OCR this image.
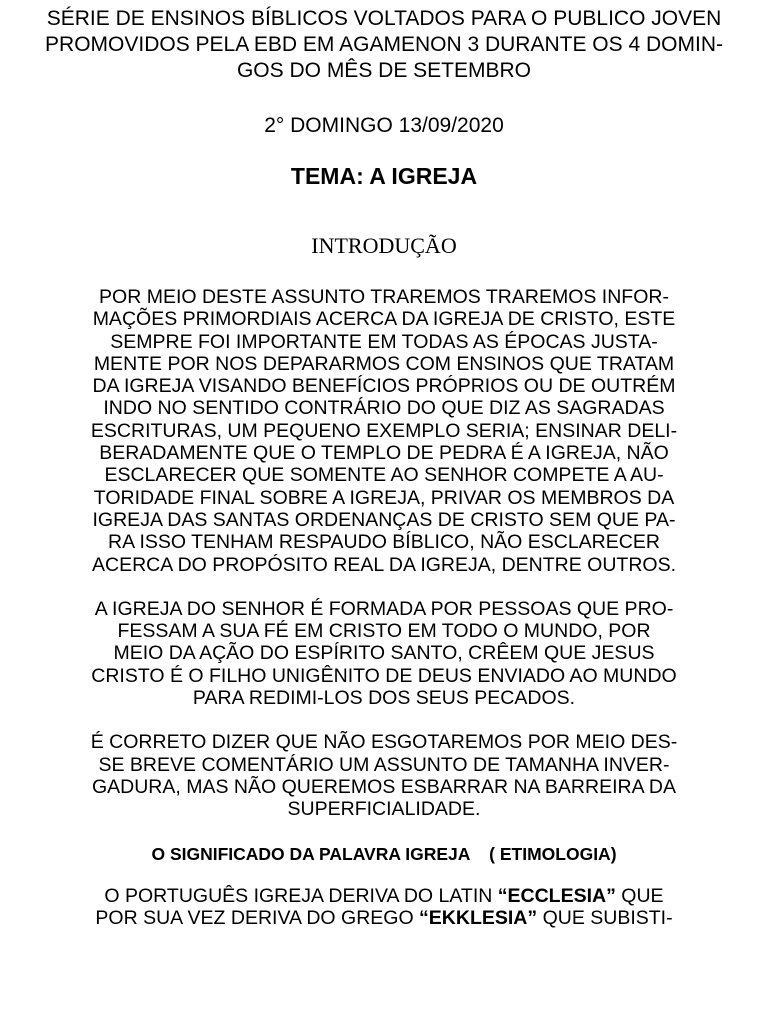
SÉRIE DE ENSINOS BÍBLICOS VOLTADOS PARA O PUBLICO JOVEN
PROMOVIDOS PELA EBD EM AGAMENON 3 DURANTE OS 4 DOMIN-
GOS DO MÊS DE SETEMBRO
2° DOMINGO 13/09/2020
TEMA: A IGREJA
INTRODUÇÃO
POR MEIO DESTE ASSUNTO TRAREMOS TRAREMOS INFOR-
MAÇÕES PRIMORDIAIS ACERCA DA IGREJA DE CRISTO, ESTE
SEMPRE FOI IMPORTANTE EM TODAS AS ÉPOCAS JUSTA-
MENTE POR NOS DEPARARMOS COM ENSINOS QUE TRATAM
DA IGREJA VISANDO BENEFÍCIOS PRÓPRIOS OU DE OUTRÉM
INDO NO SENTIDO CONTRÁRIO DO QUE DIZ AS SAGRADAS
ESCRITURAS, UM PEQUENO EXEMPLO SERIA; ENSINAR DELI-
BERADAMENTE QUE O TEMPLO DE PEDRA É A IGREJA, NÃO
ESCLARECER QUE SOMENTE AO SENHOR COMPETE A AU-
TORIDADE FINAL SOBRE A IGREJA, PRIVAR OS MEMBROS DA
IGREJA DAS SANTAS ORDENANÇAS DE CRISTO SEM QUE PA-
RA ISSO TENHAM RESPAUDO BÍBLICO, NÃO ESCLARECER
ACERCA DO PROPÓSITO REAL DA IGREJA, DENTRE OUTROS.
A IGREJA DO SENHOR É FORMADA POR PESSOAS QUE PRO-
FESSAM A SUA FÉ EM CRISTO EM TODO O MUNDO, POR
MEIO DA AÇÃO DO ESPÍRITO SANTO, CRÊEM QUE JESUS
CRISTO É O FILHO UNIGÊNITO DE DEUS ENVIADO AO MUNDO
PARA REDIMI-LOS DOS SEUS PECADOS.
É CORRETO DIZER QUE NÃO ESGOTAREMOS POR MEIO DES-
SE BREVE COMENTÁRIO UM ASSUNTO DE TAMANHA INVER-
GADURA, MAS NÃO QUEREMOS ESBARRAR NA BARREIRA DA
SUPERFICIALIDADE.
O SIGNIFICADO DA PALAVRA IGREJA    ( ETIMOLOGIA)
O PORTUGUÊS IGREJA DERIVA DO LATIN “ECCLESIA” QUE
POR SUA VEZ DERIVA DO GREGO “EKKLESIA” QUE SUBISTI-
